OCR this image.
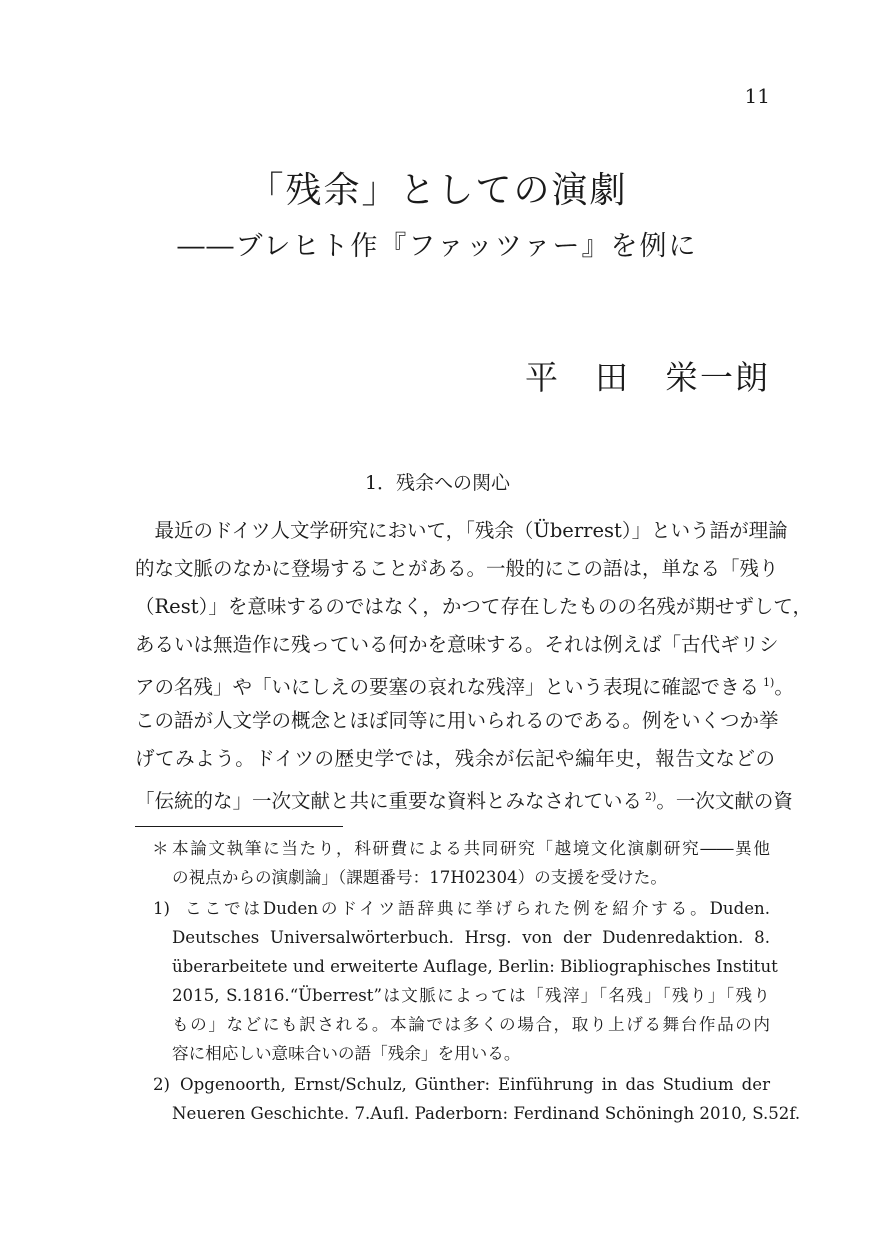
11
「残余」としての演劇
――ブレヒト作『ファッツァー』を例に
平　田　栄一朗
1．残余への関心
　最近のドイツ人文学研究において，「残余（Überrest）」という語が理論
的な文脈のなかに登場することがある。一般的にこの語は，単なる「残り
（Rest）」を意味するのではなく，かつて存在したものの名残が期せずして，
あるいは無造作に残っている何かを意味する。それは例えば「古代ギリシ
アの名残」や「いにしえの要塞の哀れな残滓」という表現に確認できる $^{1)}$。
この語が人文学の概念とほぼ同等に用いられるのである。例をいくつか挙
げてみよう。ドイツの歴史学では，残余が伝記や編年史，報告文などの
「伝統的な」一次文献と共に重要な資料とみなされている $^{2)}$。一次文献の資
＊ 本論文執筆に当たり，科研費による共同研究「越境文化演劇研究――異他
の視点からの演劇論」（課題番号：17H02304）の支援を受けた。
1) ここではDudenのドイツ語辞典に挙げられた例を紹介する。Duden.
Deutsches Universalwörterbuch. Hrsg. von der Dudenredaktion. 8.
überarbeitete und erweiterte Auflage, Berlin: Bibliographisches Institut
2015, S.1816.“Überrest”は文脈によっては「残滓」「名残」「残り」「残り
もの」などにも訳される。本論では多くの場合，取り上げる舞台作品の内
容に相応しい意味合いの語「残余」を用いる。
2) Opgenoorth, Ernst/Schulz, Günther: Einführung in das Studium der
Neueren Geschichte. 7.Aufl. Paderborn: Ferdinand Schöningh 2010, S.52f.
